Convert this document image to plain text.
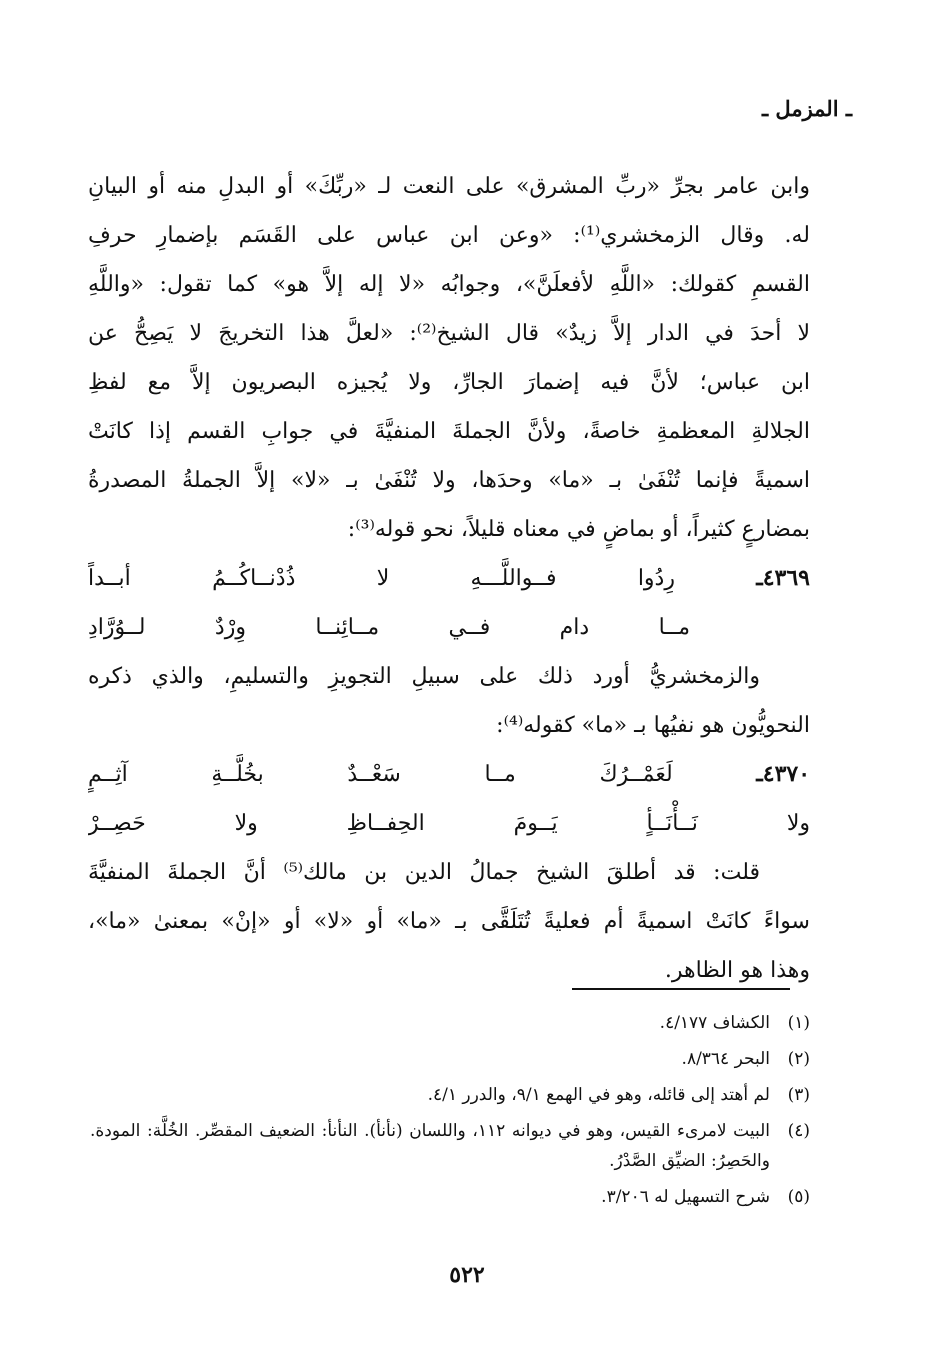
ـ المزمل ـ
وابن عامر بجرِّ «ربِّ المشرق» على النعت لـ «ربِّكَ» أو البدلِ منه أو البيانِ
له. وقال الزمخشري⁽¹⁾: «وعن ابن عباس على القَسَم بإضمارِ حرفِ
القسمِ كقولك: «اللَّهِ لأفعلَنَّ»، وجوابُه «لا إله إلاَّ هو» كما تقول: «واللَّهِ
لا أحدَ في الدار إلاَّ زيدٌ» قال الشيخ⁽²⁾: «لعلَّ هذا التخريجَ لا يَصِحُّ عن
ابن عباس؛ لأنَّ فيه إضمارَ الجارِّ، ولا يُجيزه البصريون إلاَّ مع لفظِ
الجلالةِ المعظمةِ خاصةً، ولأنَّ الجملةَ المنفيَّةَ في جوابِ القسم إذا كانَتْ
اسميةً فإنما تُنْفَىٰ بـ «ما» وحدَها، ولا تُنْفَىٰ بـ «لا» إلاَّ الجملةُ المصدرةُ
بمضارعٍ كثيراً، أو بماضٍ في معناه قليلاً، نحو قوله⁽³⁾:
٤٣٦٩ـ رِدُوا فــواللَّـــهِ لا ذُدْنــاكُــمُ أبــداً
مــا دام فــي مــائِنــا وِرْدٌ لــوُرَّادِ
والزمخشريُّ أورد ذلك على سبيلِ التجويزِ والتسليمِ، والذي ذكره
النحويُّون هو نفيُها بـ «ما» كقوله⁽⁴⁾:
٤٣٧٠ـ لَعَمْــرُكَ مــا سَعْــدٌ بخُلَّــةِ آثِــمٍ
ولا نَــأْنَــأٍ يَــومَ الحِفــاظِ ولا حَصِــرْ
قلت: قد أطلقَ الشيخ جمالُ الدين بن مالك⁽⁵⁾ أنَّ الجملةَ المنفيَّةَ
سواءً كانَتْ اسميةً أم فعليةً تُتَلَقَّى بـ «ما» أو «لا» أو «إنْ» بمعنىٰ «ما»،
وهذا هو الظاهر.
(١)
الكشاف ٤/١٧٧.
(٢)
البحر ٨/٣٦٤.
(٣)
لم أهتد إلى قائله، وهو في الهمع ٩/١، والدرر ٤/١.
(٤)
البيت لامرىء القيس، وهو في ديوانه ١١٢، واللسان (نأنأ). النأنأ: الضعيف المقصِّر. الخُلَّة: المودة. والحَصِرُ: الضيِّق الصَّدْرُ.
(٥)
شرح التسهيل له ٣/٢٠٦.
٥٢٢
